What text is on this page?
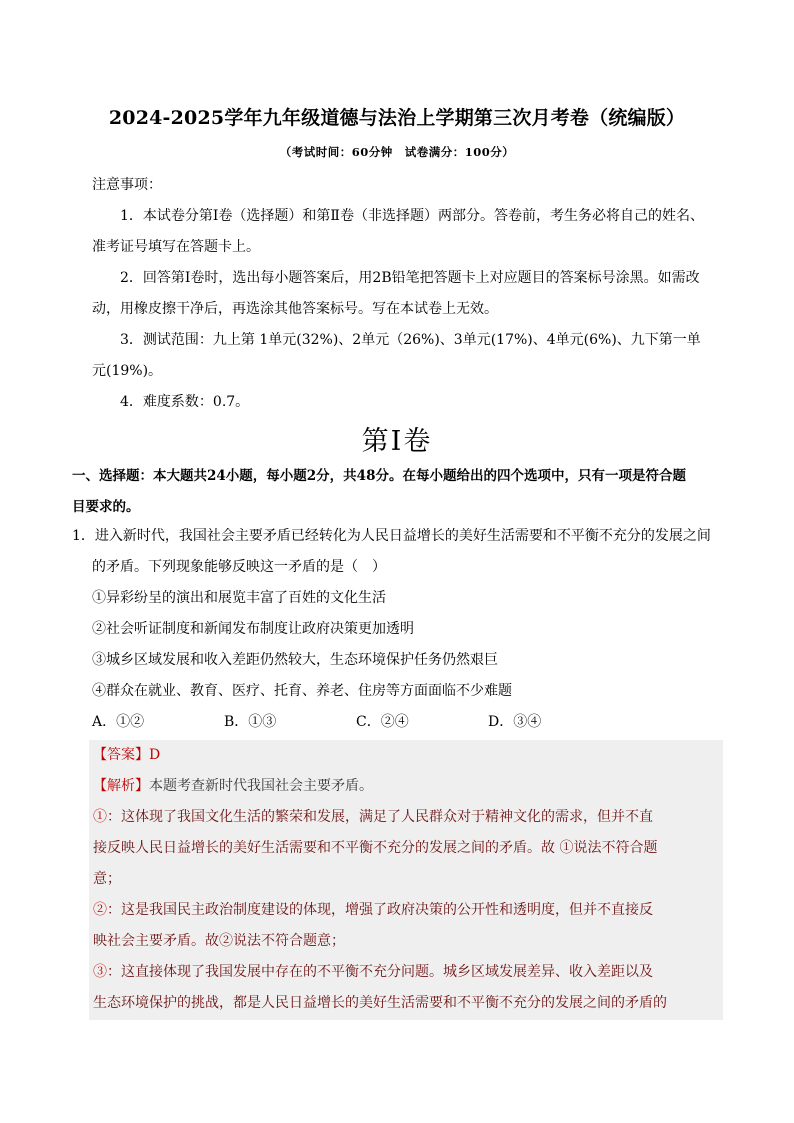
2024-2025学年九年级道德与法治上学期第三次月考卷（统编版）
（考试时间：60分钟　试卷满分：100分）

注意事项：

1．本试卷分第Ⅰ卷（选择题）和第Ⅱ卷（非选择题）两部分。答卷前，考生务必将自己的姓名、准考证号填写在答题卡上。

2．回答第Ⅰ卷时，选出每小题答案后，用2B铅笔把答题卡上对应题目的答案标号涂黑。如需改动，用橡皮擦干净后，再选涂其他答案标号。写在本试卷上无效。

3．测试范围：九上第 1单元(32%)、2单元（26%)、3单元(17%)、4单元(6%)、九下第一单元(19%)。

4．难度系数：0.7。

第Ⅰ卷

一、选择题：本大题共24小题，每小题2分，共48分。在每小题给出的四个选项中，只有一项是符合题

目要求的。

1．进入新时代，我国社会主要矛盾已经转化为人民日益增长的美好生活需要和不平衡不充分的发展之间

的矛盾。下列现象能够反映这一矛盾的是（　）

①异彩纷呈的演出和展览丰富了百姓的文化生活

②社会听证制度和新闻发布制度让政府决策更加透明

③城乡区域发展和收入差距仍然较大，生态环境保护任务仍然艰巨

④群众在就业、教育、医疗、托育、养老、住房等方面面临不少难题

A．①②	B．①③	C．②④	D．③④

【答案】D

【解析】本题考查新时代我国社会主要矛盾。

①：这体现了我国文化生活的繁荣和发展，满足了人民群众对于精神文化的需求，但并不直

接反映人民日益增长的美好生活需要和不平衡不充分的发展之间的矛盾。故 ①说法不符合题

意；

②：这是我国民主政治制度建设的体现，增强了政府决策的公开性和透明度，但并不直接反

映社会主要矛盾。故②说法不符合题意；

③：这直接体现了我国发展中存在的不平衡不充分问题。城乡区域发展差异、收入差距以及

生态环境保护的挑战，都是人民日益增长的美好生活需要和不平衡不充分的发展之间的矛盾的
